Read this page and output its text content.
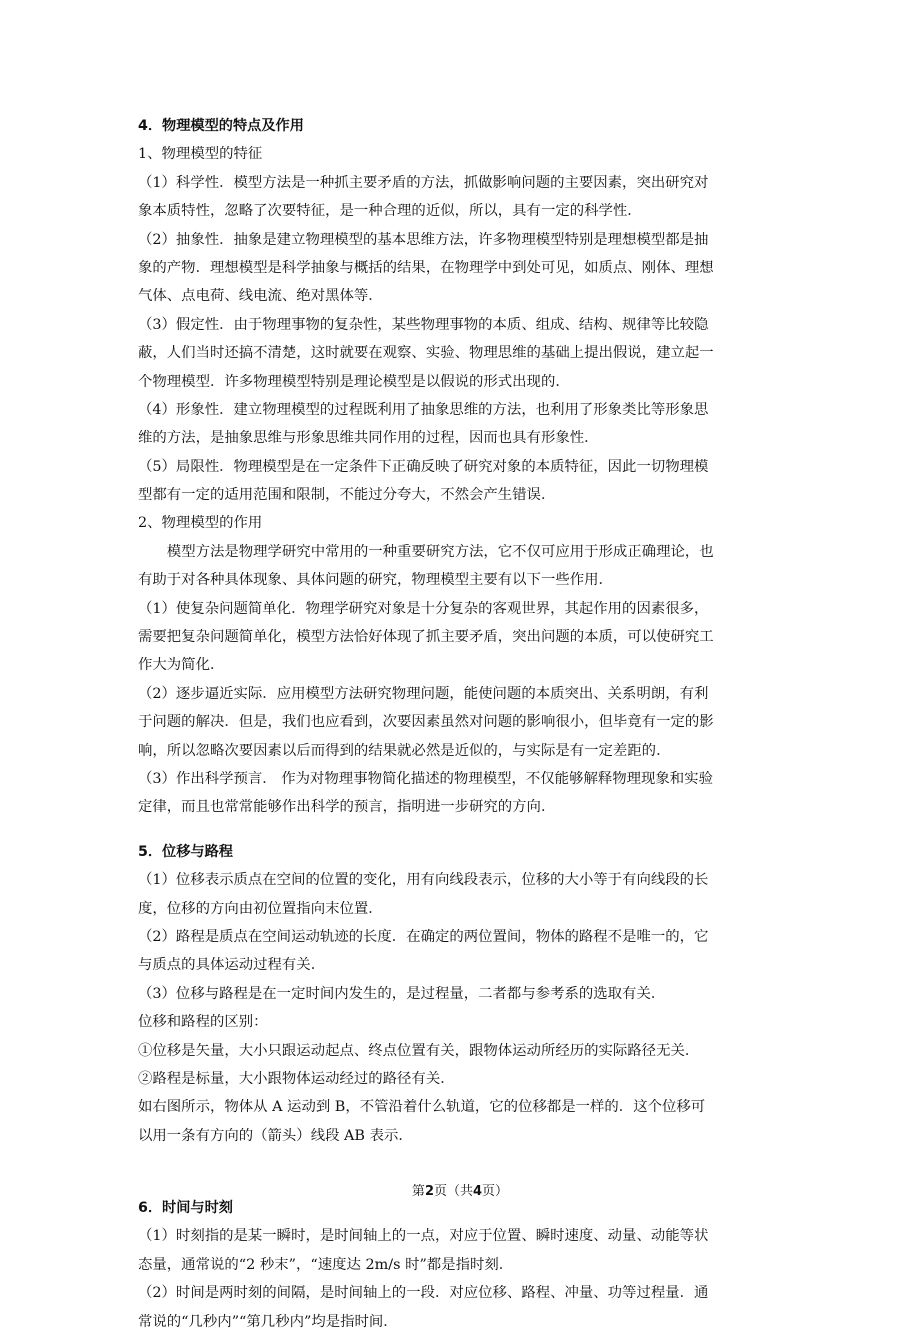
4．物理模型的特点及作用
1、物理模型的特征
（1）科学性．模型方法是一种抓主要矛盾的方法，抓做影响问题的主要因素，突出研究对
象本质特性，忽略了次要特征，是一种合理的近似，所以，具有一定的科学性．
（2）抽象性．抽象是建立物理模型的基本思维方法，许多物理模型特别是理想模型都是抽
象的产物．理想模型是科学抽象与概括的结果，在物理学中到处可见，如质点、刚体、理想
气体、点电荷、线电流、绝对黑体等．
（3）假定性．由于物理事物的复杂性，某些物理事物的本质、组成、结构、规律等比较隐
蔽，人们当时还搞不清楚，这时就要在观察、实验、物理思维的基础上提出假说，建立起一
个物理模型．许多物理模型特别是理论模型是以假说的形式出现的．
（4）形象性．建立物理模型的过程既利用了抽象思维的方法，也利用了形象类比等形象思
维的方法，是抽象思维与形象思维共同作用的过程，因而也具有形象性．
（5）局限性．物理模型是在一定条件下正确反映了研究对象的本质特征，因此一切物理模
型都有一定的适用范围和限制，不能过分夸大，不然会产生错误．
2、物理模型的作用
模型方法是物理学研究中常用的一种重要研究方法，它不仅可应用于形成正确理论，也
有助于对各种具体现象、具体问题的研究，物理模型主要有以下一些作用．
（1）使复杂问题简单化．物理学研究对象是十分复杂的客观世界，其起作用的因素很多，
需要把复杂问题简单化，模型方法恰好体现了抓主要矛盾，突出问题的本质，可以使研究工
作大为简化．
（2）逐步逼近实际．应用模型方法研究物理问题，能使问题的本质突出、关系明朗，有利
于问题的解决．但是，我们也应看到，次要因素虽然对问题的影响很小，但毕竟有一定的影
响，所以忽略次要因素以后而得到的结果就必然是近似的，与实际是有一定差距的．
（3）作出科学预言． 作为对物理事物简化描述的物理模型，不仅能够解释物理现象和实验
定律，而且也常常能够作出科学的预言，指明进一步研究的方向．
5．位移与路程
（1）位移表示质点在空间的位置的变化，用有向线段表示，位移的大小等于有向线段的长
度，位移的方向由初位置指向末位置．
（2）路程是质点在空间运动轨迹的长度．在确定的两位置间，物体的路程不是唯一的，它
与质点的具体运动过程有关．
（3）位移与路程是在一定时间内发生的，是过程量，二者都与参考系的选取有关．
位移和路程的区别：
①位移是矢量，大小只跟运动起点、终点位置有关，跟物体运动所经历的实际路径无关．
②路程是标量，大小跟物体运动经过的路径有关．
如右图所示，物体从 A 运动到 B，不管沿着什么轨道，它的位移都是一样的．这个位移可
以用一条有方向的（箭头）线段 AB 表示．
6．时间与时刻
（1）时刻指的是某一瞬时，是时间轴上的一点，对应于位置、瞬时速度、动量、动能等状
态量，通常说的“2 秒末”，“速度达 2m/s 时”都是指时刻．
（2）时间是两时刻的间隔，是时间轴上的一段．对应位移、路程、冲量、功等过程量．通
常说的“几秒内”“第几秒内”均是指时间．
第2页（共4页）
